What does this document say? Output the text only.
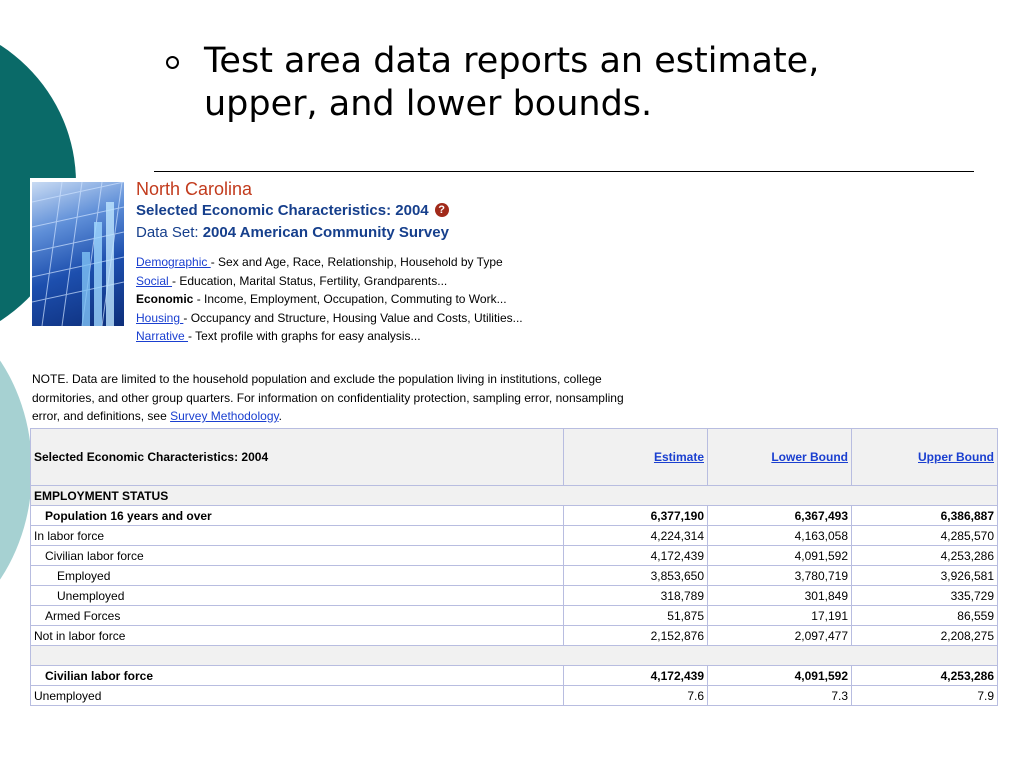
Test area data reports an estimate,
upper, and lower bounds.
North Carolina
Selected Economic Characteristics: 2004 ?
Data Set: 2004 American Community Survey
Demographic - Sex and Age, Race, Relationship, Household by Type
Social - Education, Marital Status, Fertility, Grandparents...
Economic - Income, Employment, Occupation, Commuting to Work...
Housing - Occupancy and Structure, Housing Value and Costs, Utilities...
Narrative - Text profile with graphs for easy analysis...
NOTE. Data are limited to the household population and exclude the population living in institutions, college dormitories, and other group quarters. For information on confidentiality protection, sampling error, nonsampling error, and definitions, see Survey Methodology.
Selected Economic Characteristics: 2004	Estimate	Lower Bound	Upper Bound
EMPLOYMENT STATUS			
Population 16 years and over	6,377,190	6,367,493	6,386,887
In labor force	4,224,314	4,163,058	4,285,570
Civilian labor force	4,172,439	4,091,592	4,253,286
Employed	3,853,650	3,780,719	3,926,581
Unemployed	318,789	301,849	335,729
Armed Forces	51,875	17,191	86,559
Not in labor force	2,152,876	2,097,477	2,208,275

Civilian labor force	4,172,439	4,091,592	4,253,286
Unemployed	7.6	7.3	7.9
